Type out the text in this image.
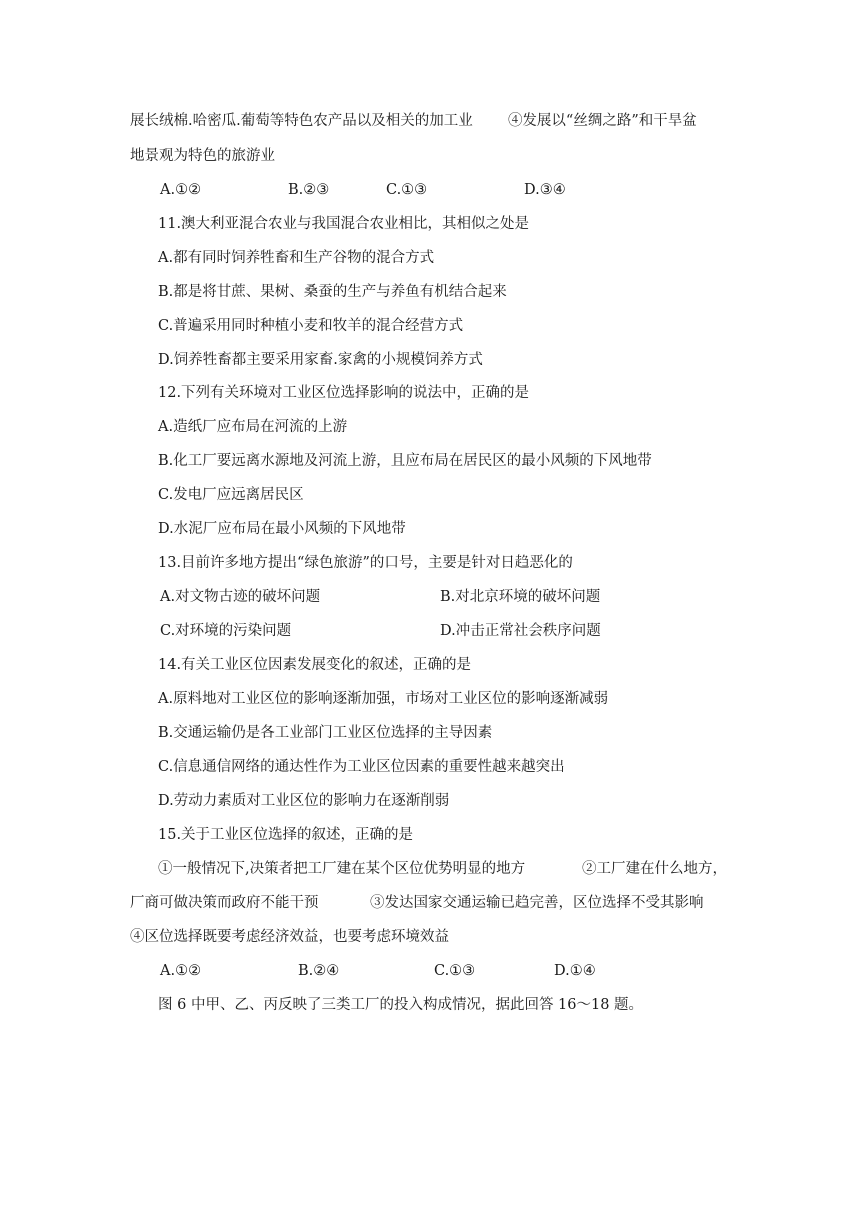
展长绒棉.哈密瓜.葡萄等特色农产品以及相关的加工业 ④发展以“丝绸之路”和干旱盆
地景观为特色的旅游业
A.①②	B.②③	C.①③	D.③④
11.澳大利亚混合农业与我国混合农业相比，其相似之处是
A.都有同时饲养牲畜和生产谷物的混合方式
B.都是将甘蔗、果树、桑蚕的生产与养鱼有机结合起来
C.普遍采用同时种植小麦和牧羊的混合经营方式
D.饲养牲畜都主要采用家畜.家禽的小规模饲养方式
12.下列有关环境对工业区位选择影响的说法中，正确的是
A.造纸厂应布局在河流的上游
B.化工厂要远离水源地及河流上游，且应布局在居民区的最小风频的下风地带
C.发电厂应远离居民区
D.水泥厂应布局在最小风频的下风地带
13.目前许多地方提出“绿色旅游”的口号，主要是针对日趋恶化的
A.对文物古迹的破坏问题	B.对北京环境的破坏问题
C.对环境的污染问题	D.冲击正常社会秩序问题
14.有关工业区位因素发展变化的叙述，正确的是
A.原料地对工业区位的影响逐渐加强，市场对工业区位的影响逐渐减弱
B.交通运输仍是各工业部门工业区位选择的主导因素
C.信息通信网络的通达性作为工业区位因素的重要性越来越突出
D.劳动力素质对工业区位的影响力在逐渐削弱
15.关于工业区位选择的叙述，正确的是
①一般情况下,决策者把工厂建在某个区位优势明显的地方	②工厂建在什么地方，
厂商可做决策而政府不能干预	③发达国家交通运输已趋完善，区位选择不受其影响
④区位选择既要考虑经济效益，也要考虑环境效益
A.①②	B.②④	C.①③	D.①④
图 6 中甲、乙、丙反映了三类工厂的投入构成情况，据此回答 16～18 题。
